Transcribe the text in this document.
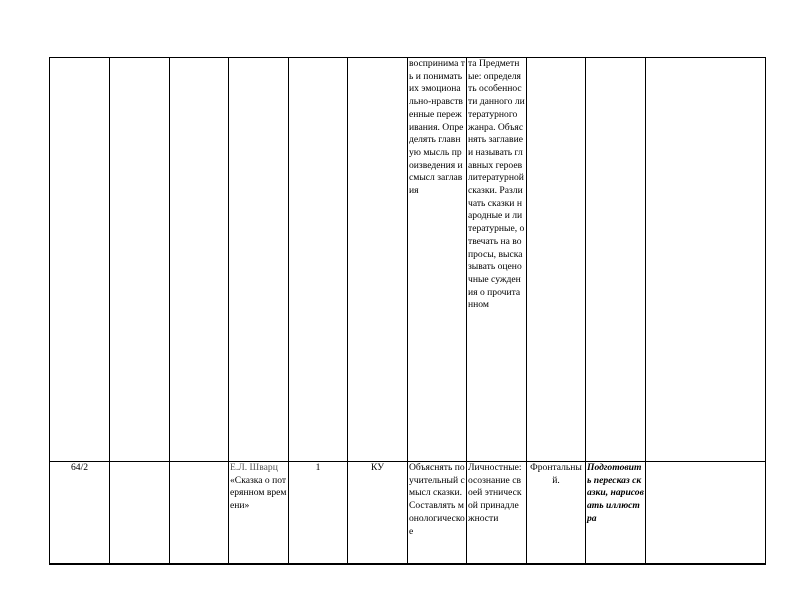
						воспринима ть и понимать их эмоционально-нравственные переживания. Определять главную мысль произведения и смысл заглавия	та Предметные: определять особенности данного литературного жанра. Объяснять заглавие и называть главных героев литературной сказки. Различать сказки народные и литературные, отвечать на вопросы, высказывать оценочные суждения о прочитанном			
64/2			Е.Л. Шварц «Сказка о потерянном времени»	1	КУ	Объяснять поучительный смысл сказки. Составлять монологическое	Личностные: осознание своей этнической принадлежности	Фронтальный.	Подготовить пересказ сказки, нарисовать иллюстра	
